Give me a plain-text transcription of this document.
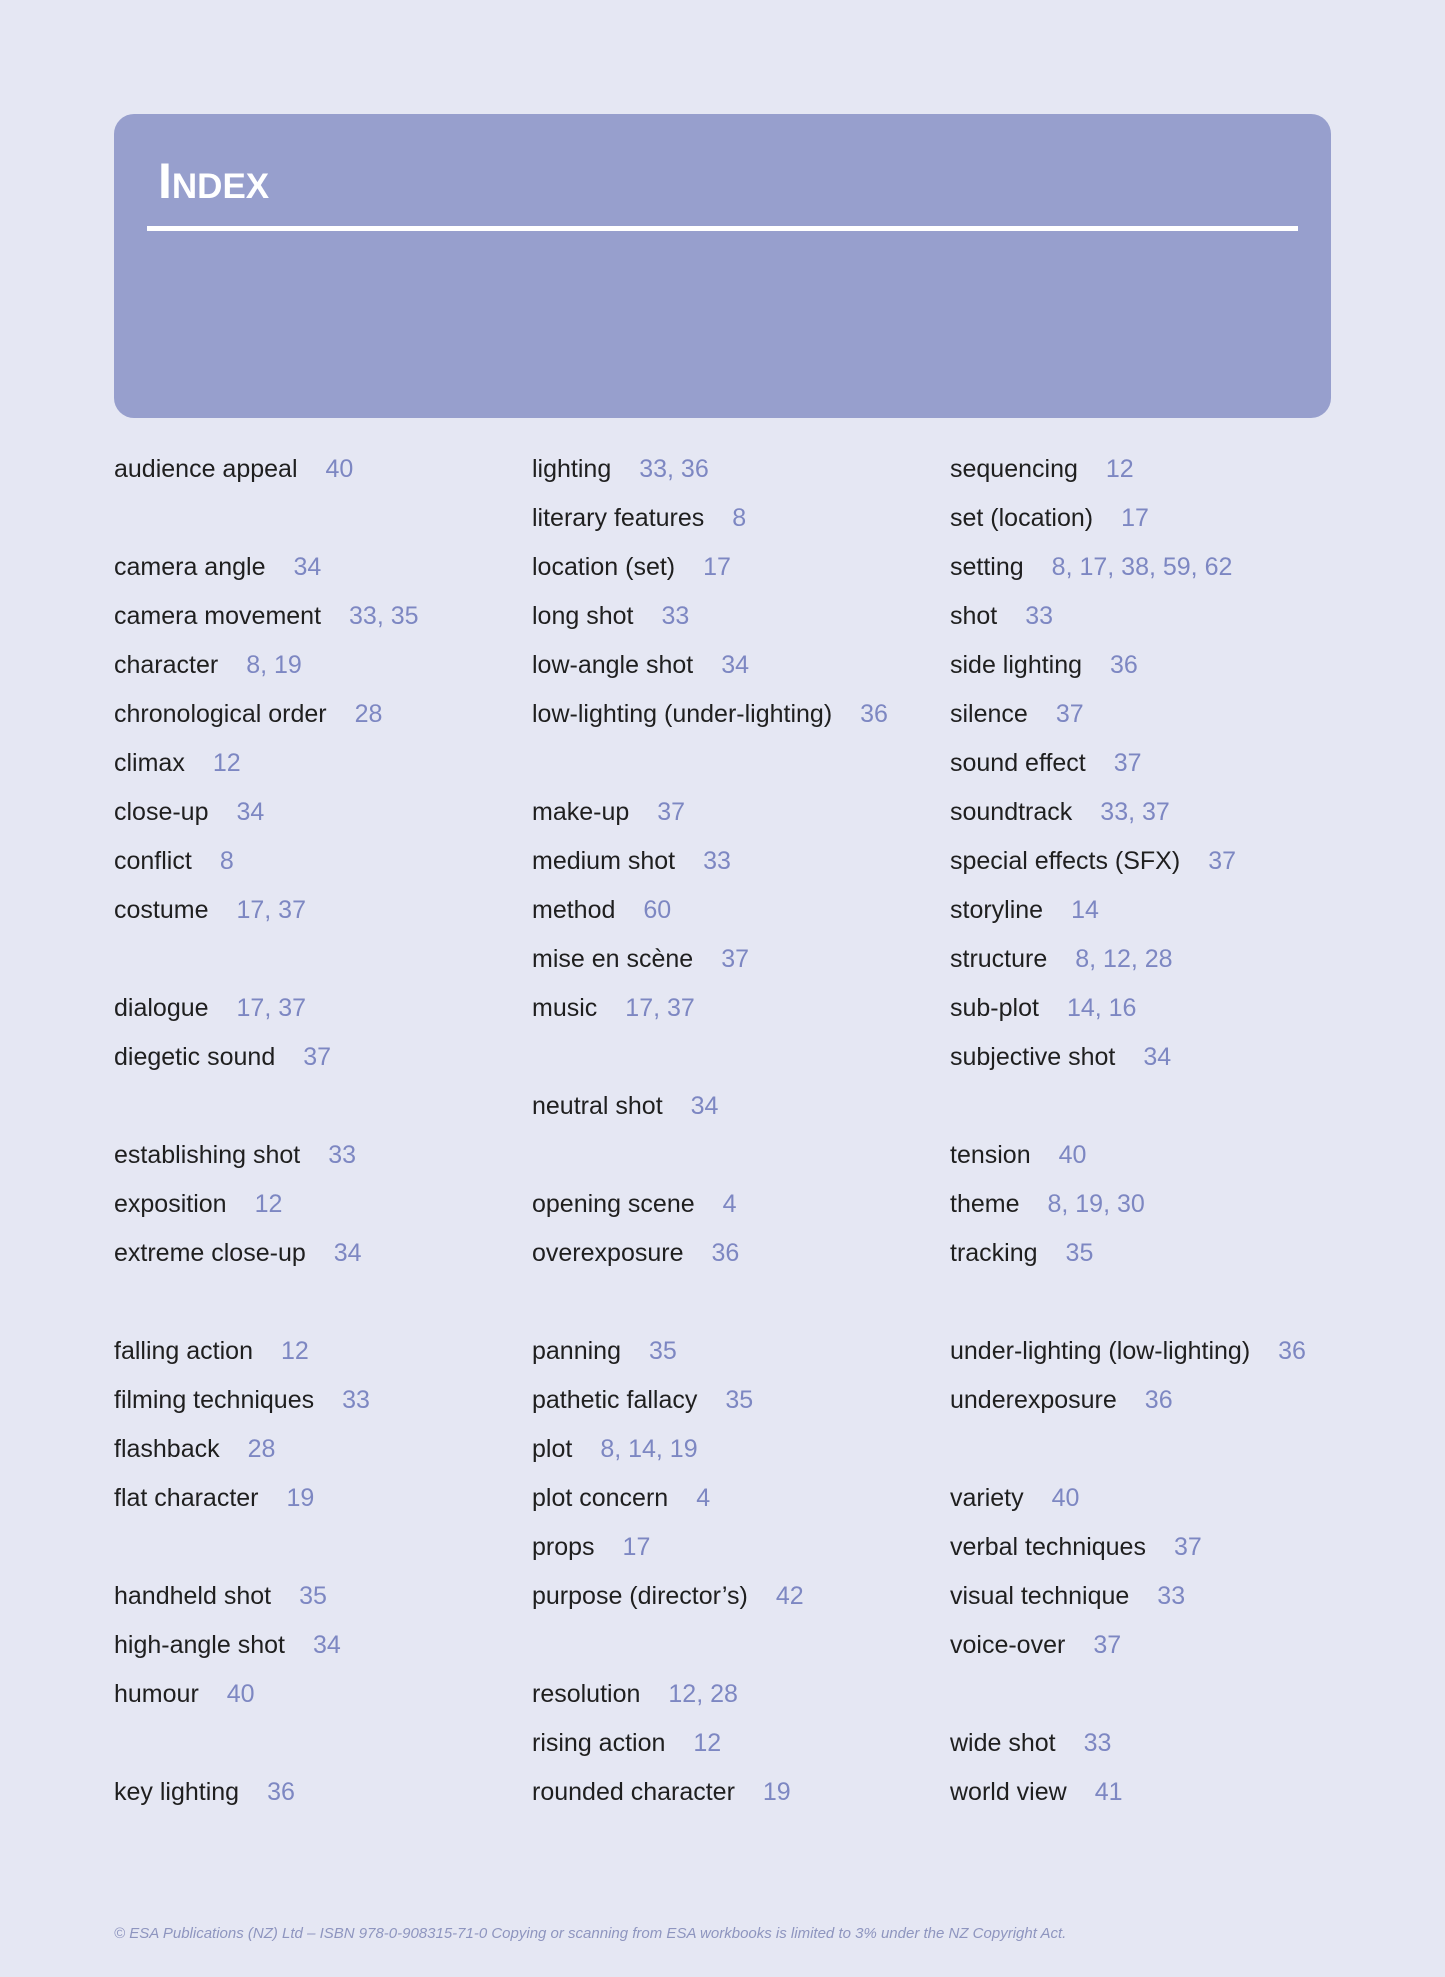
Index
audience appeal 40
camera angle 34
camera movement 33, 35
character 8, 19
chronological order 28
climax 12
close-up 34
conflict 8
costume 17, 37
dialogue 17, 37
diegetic sound 37
establishing shot 33
exposition 12
extreme close-up 34
falling action 12
filming techniques 33
flashback 28
flat character 19
handheld shot 35
high-angle shot 34
humour 40
key lighting 36
lighting 33, 36
literary features 8
location (set) 17
long shot 33
low-angle shot 34
low-lighting (under-lighting) 36
make-up 37
medium shot 33
method 60
mise en scène 37
music 17, 37
neutral shot 34
opening scene 4
overexposure 36
panning 35
pathetic fallacy 35
plot 8, 14, 19
plot concern 4
props 17
purpose (director’s) 42
resolution 12, 28
rising action 12
rounded character 19
sequencing 12
set (location) 17
setting 8, 17, 38, 59, 62
shot 33
side lighting 36
silence 37
sound effect 37
soundtrack 33, 37
special effects (SFX) 37
storyline 14
structure 8, 12, 28
sub-plot 14, 16
subjective shot 34
tension 40
theme 8, 19, 30
tracking 35
under-lighting (low-lighting) 36
underexposure 36
variety 40
verbal techniques 37
visual technique 33
voice-over 37
wide shot 33
world view 41
© ESA Publications (NZ) Ltd – ISBN 978-0-908315-71-0 Copying or scanning from ESA workbooks is limited to 3% under the NZ Copyright Act.
